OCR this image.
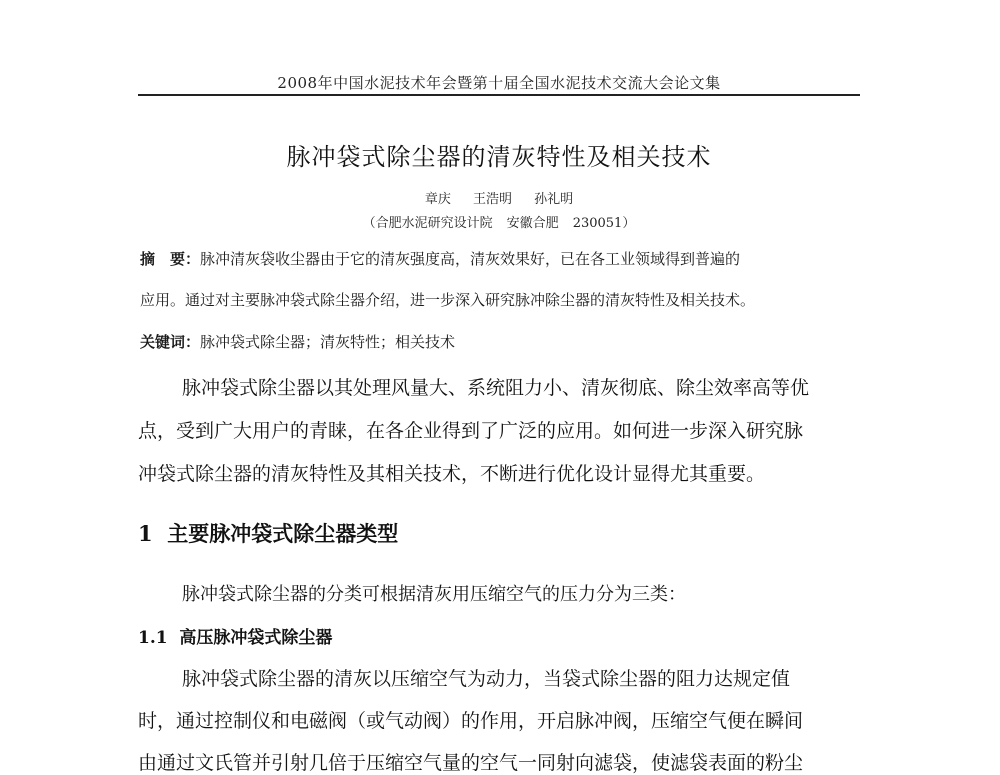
2008年中国水泥技术年会暨第十届全国水泥技术交流大会论文集
脉冲袋式除尘器的清灰特性及相关技术
章庆 王浩明 孙礼明
（合肥水泥研究设计院 安徽合肥 230051）
摘　要：脉冲清灰袋收尘器由于它的清灰强度高，清灰效果好，已在各工业领域得到普遍的
应用。通过对主要脉冲袋式除尘器介绍，进一步深入研究脉冲除尘器的清灰特性及相关技术。
关键词：脉冲袋式除尘器；清灰特性；相关技术
脉冲袋式除尘器以其处理风量大、系统阻力小、清灰彻底、除尘效率高等优
点，受到广大用户的青睐，在各企业得到了广泛的应用。如何进一步深入研究脉
冲袋式除尘器的清灰特性及其相关技术，不断进行优化设计显得尤其重要。
1 主要脉冲袋式除尘器类型
脉冲袋式除尘器的分类可根据清灰用压缩空气的压力分为三类：
1.1 高压脉冲袋式除尘器
脉冲袋式除尘器的清灰以压缩空气为动力，当袋式除尘器的阻力达规定值
时，通过控制仪和电磁阀（或气动阀）的作用，开启脉冲阀，压缩空气便在瞬间
由通过文氏管并引射几倍于压缩空气量的空气一同射向滤袋，使滤袋表面的粉尘
